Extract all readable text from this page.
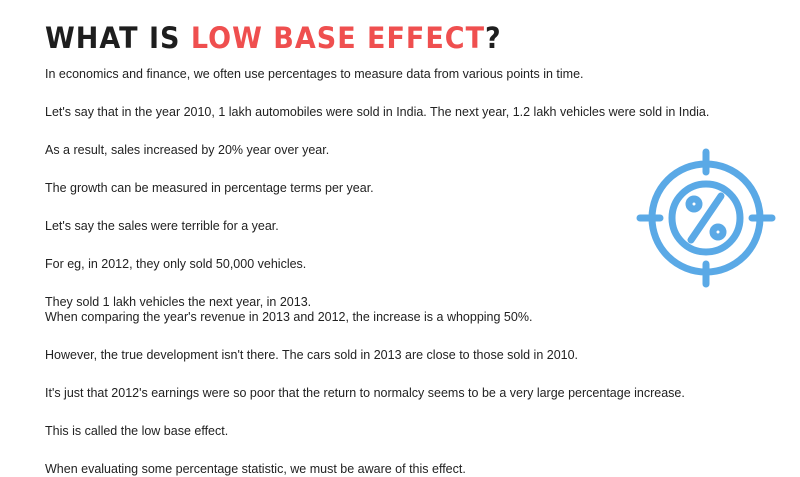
WHAT IS LOW BASE EFFECT?

In economics and finance, we often use percentages to measure data from various points in time.

Let's say that in the year 2010, 1 lakh automobiles were sold in India. The next year, 1.2 lakh vehicles were sold in India.

As a result, sales increased by 20% year over year.

The growth can be measured in percentage terms per year.

Let's say the sales were terrible for a year.

For eg, in 2012, they only sold 50,000 vehicles.

They sold 1 lakh vehicles the next year, in 2013.

When comparing the year's revenue in 2013 and 2012, the increase is a whopping 50%.

However, the true development isn't there. The cars sold in 2013 are close to those sold in 2010.

It's just that 2012's earnings were so poor that the return to normalcy seems to be a very large percentage increase.

This is called the low base effect.

When evaluating some percentage statistic, we must be aware of this effect.
